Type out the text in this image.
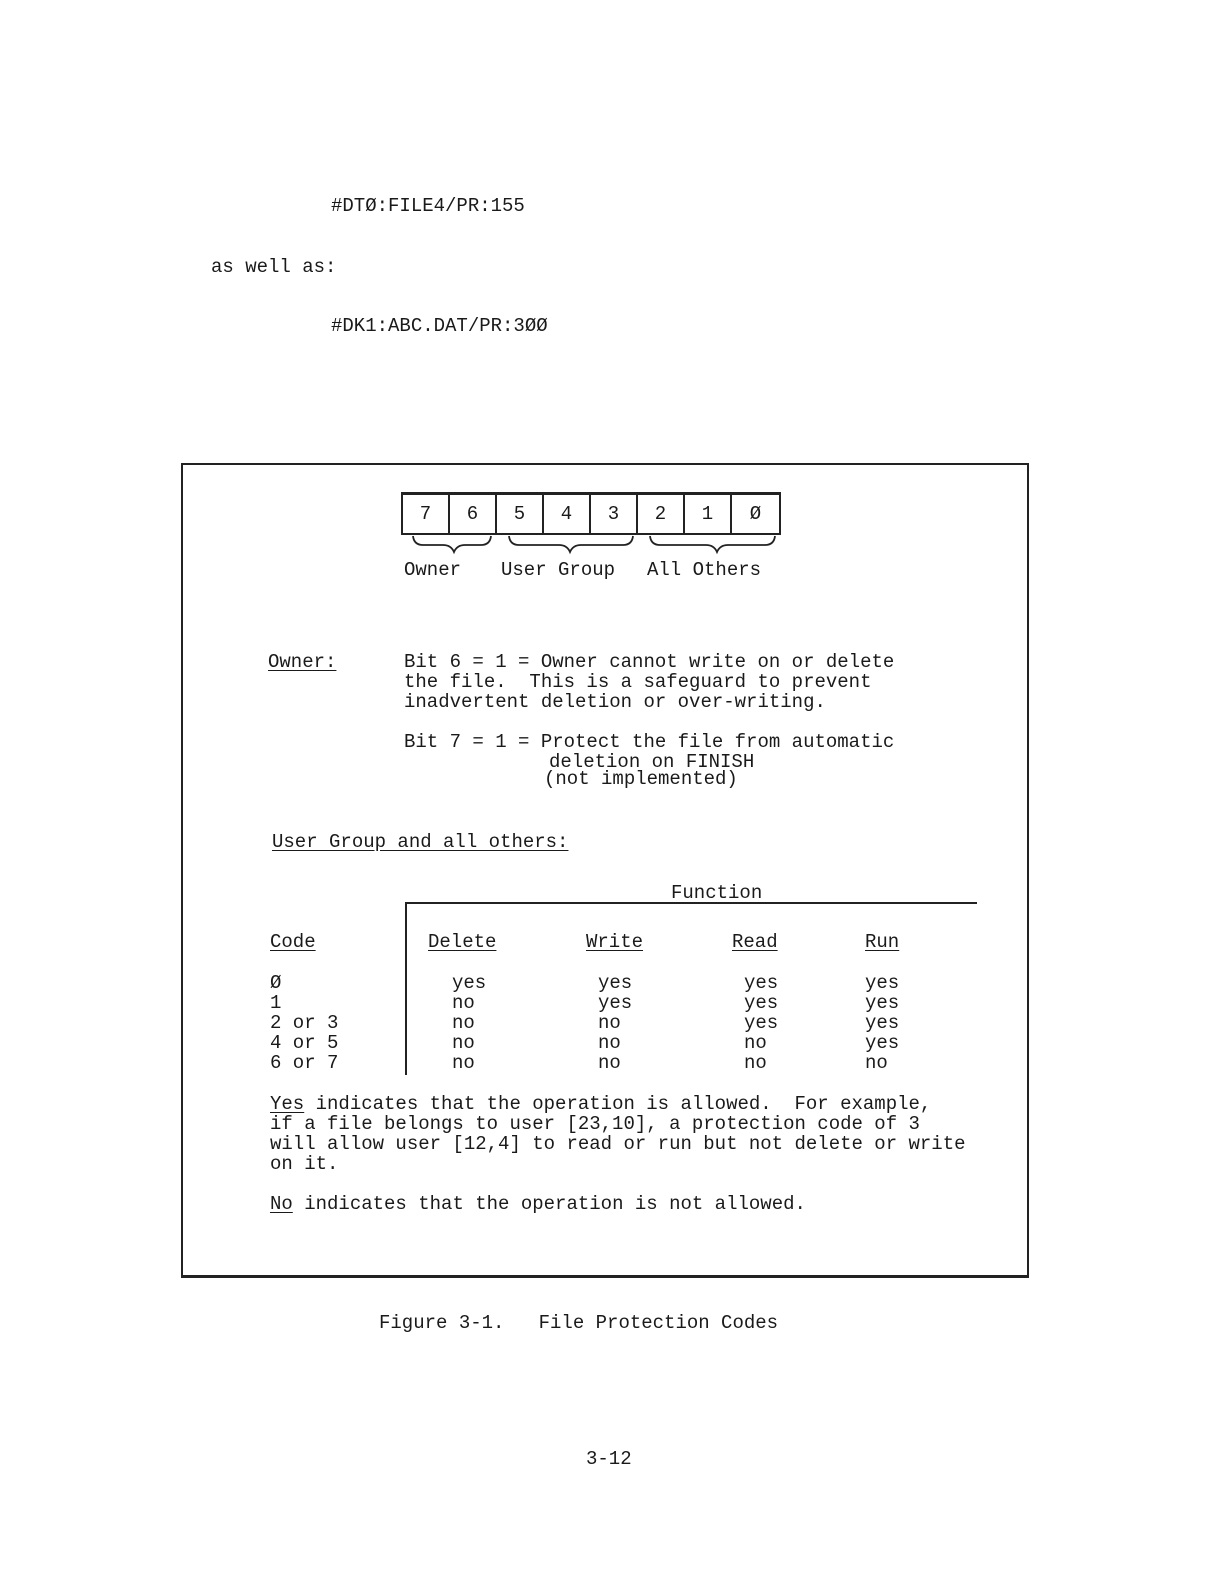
#DTØ:FILE4/PR:155
as well as:
#DK1:ABC.DAT/PR:3ØØ
7	6	5	4	3	2	1	Ø
Owner User Group All Others
Owner:	Bit 6 = 1 = Owner cannot write on or delete
the file.  This is a safeguard to prevent
inadvertent deletion or over-writing.
Bit 7 = 1 = Protect the file from automatic
deletion on FINISH
(not implemented)
User Group and all others:
Function
Code	Delete	Write	Read	Run
Ø	yes	yes	yes	yes
1	no	yes	yes	yes
2 or 3	no	no	yes	yes
4 or 5	no	no	no	yes
6 or 7	no	no	no	no
Yes indicates that the operation is allowed.  For example,
if a file belongs to user [23,10], a protection code of 3
will allow user [12,4] to read or run but not delete or write
on it.
No indicates that the operation is not allowed.
Figure 3-1.   File Protection Codes
3-12
